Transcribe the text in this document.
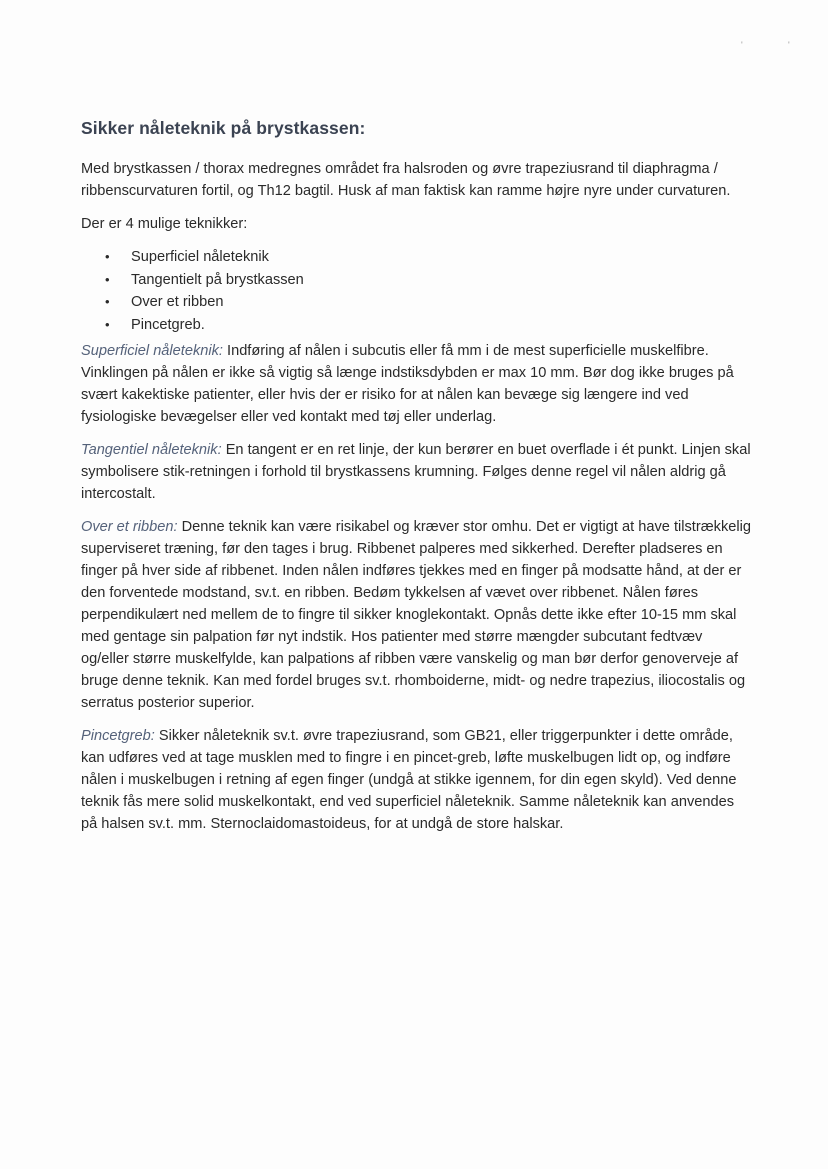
'	'
Sikker nåleteknik på brystkassen:

Med brystkassen / thorax medregnes området fra halsroden og øvre trapeziusrand til diaphragma / ribbenscurvaturen fortil, og Th12 bagtil. Husk af man faktisk kan ramme højre nyre under curvaturen.

Der er 4 mulige teknikker:

• Superficiel nåleteknik
• Tangentielt på brystkassen
• Over et ribben
• Pincetgreb.

Superficiel nåleteknik: Indføring af nålen i subcutis eller få mm i de mest superficielle muskelfibre. Vinklingen på nålen er ikke så vigtig så længe indstiksdybden er max 10 mm. Bør dog ikke bruges på svært kakektiske patienter, eller hvis der er risiko for at nålen kan bevæge sig længere ind ved fysiologiske bevægelser eller ved kontakt med tøj eller underlag.

Tangentiel nåleteknik: En tangent er en ret linje, der kun berører en buet overflade i ét punkt. Linjen skal symbolisere stik-retningen i forhold til brystkassens krumning. Følges denne regel vil nålen aldrig gå intercostalt.

Over et ribben: Denne teknik kan være risikabel og kræver stor omhu. Det er vigtigt at have tilstrækkelig superviseret træning, før den tages i brug. Ribbenet palperes med sikkerhed. Derefter pladseres en finger på hver side af ribbenet. Inden nålen indføres tjekkes med en finger på modsatte hånd, at der er den forventede modstand, sv.t. en ribben. Bedøm tykkelsen af vævet over ribbenet. Nålen føres perpendikulært ned mellem de to fingre til sikker knoglekontakt. Opnås dette ikke efter 10-15 mm skal med gentage sin palpation før nyt indstik. Hos patienter med større mængder subcutant fedtvæv og/eller større muskelfylde, kan palpations af ribben være vanskelig og man bør derfor genoverveje af bruge denne teknik. Kan med fordel bruges sv.t. rhomboiderne, midt- og nedre trapezius, iliocostalis og serratus posterior superior.

Pincetgreb: Sikker nåleteknik sv.t. øvre trapeziusrand, som GB21, eller triggerpunkter i dette område, kan udføres ved at tage musklen med to fingre i en pincet-greb, løfte muskelbugen lidt op, og indføre nålen i muskelbugen i retning af egen finger (undgå at stikke igennem, for din egen skyld). Ved denne teknik fås mere solid muskelkontakt, end ved superficiel nåleteknik. Samme nåleteknik kan anvendes på halsen sv.t. mm. Sternoclaidomastoideus, for at undgå de store halskar.
